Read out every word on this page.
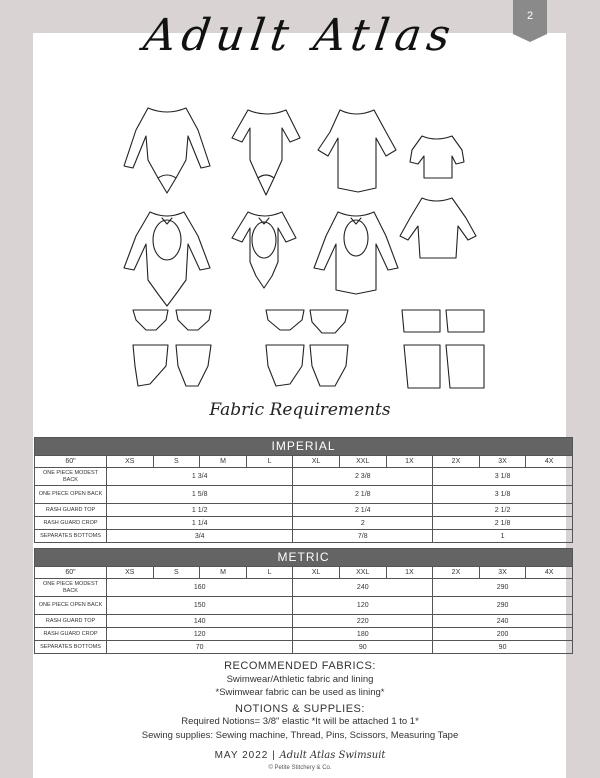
2
Adult Atlas
Fabric Requirements
IMPERIAL										
60"	XS	S	M	L	XL	XXL	1X	2X	3X	4X
ONE PIECE MODEST BACK	1 3/4				2 3/8			3 1/8		
ONE PIECE OPEN BACK	1 5/8				2 1/8			3 1/8		
RASH GUARD TOP	1 1/2				2 1/4			2 1/2		
RASH GUARD CROP	1 1/4				2			2 1/8		
SEPARATES BOTTOMS	3/4				7/8			1		
METRIC										
60"	XS	S	M	L	XL	XXL	1X	2X	3X	4X
ONE PIECE MODEST BACK	160				240			290		
ONE PIECE OPEN BACK	150				120			290		
RASH GUARD TOP	140				220			240		
RASH GUARD CROP	120				180			200		
SEPARATES BOTTOMS	70				90			90		
RECOMMENDED FABRICS:
Swimwear/Athletic fabric and lining
*Swimwear fabric can be used as lining*
NOTIONS & SUPPLIES:
Required Notions= 3/8" elastic *It will be attached 1 to 1*
Sewing supplies: Sewing machine, Thread, Pins, Scissors, Measuring Tape
MAY 2022 | Adult Atlas Swimsuit
© Petite Stitchery & Co.
